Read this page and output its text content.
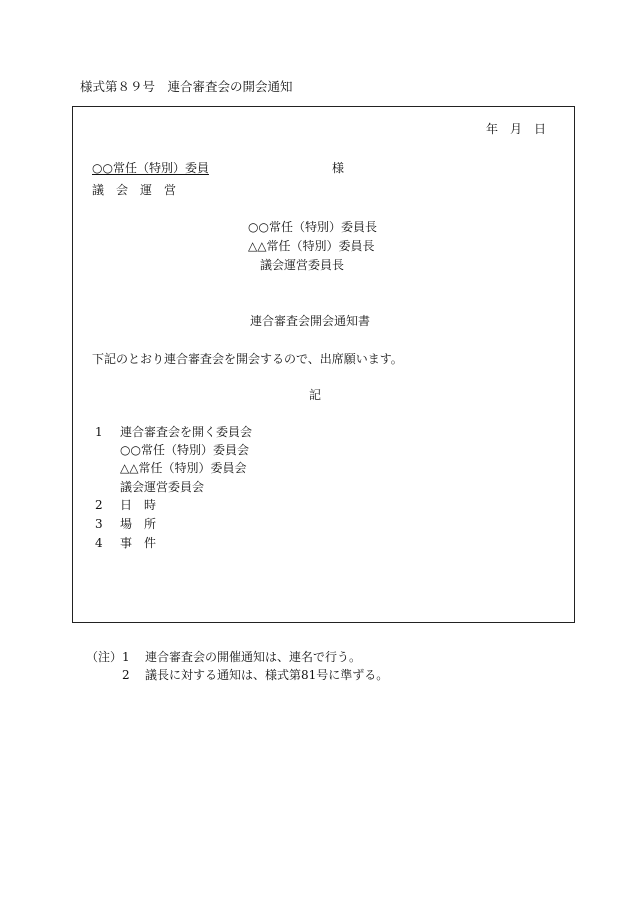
様式第８９号　連合審査会の開会通知
年　月　日
○○常任（特別）委員	様
議　会　運　営
○○常任（特別）委員長
△△常任（特別）委員長
議会運営委員長
連合審査会開会通知書
下記のとおり連合審査会を開会するので、出席願います。
記
1 連合審査会を開く委員会
○○常任（特別）委員会
△△常任（特別）委員会
議会運営委員会
2 日　時
3 場　所
4 事　件
（注） 1 連合審査会の開催通知は、連名で行う。
2 議長に対する通知は、様式第81号に準ずる。
